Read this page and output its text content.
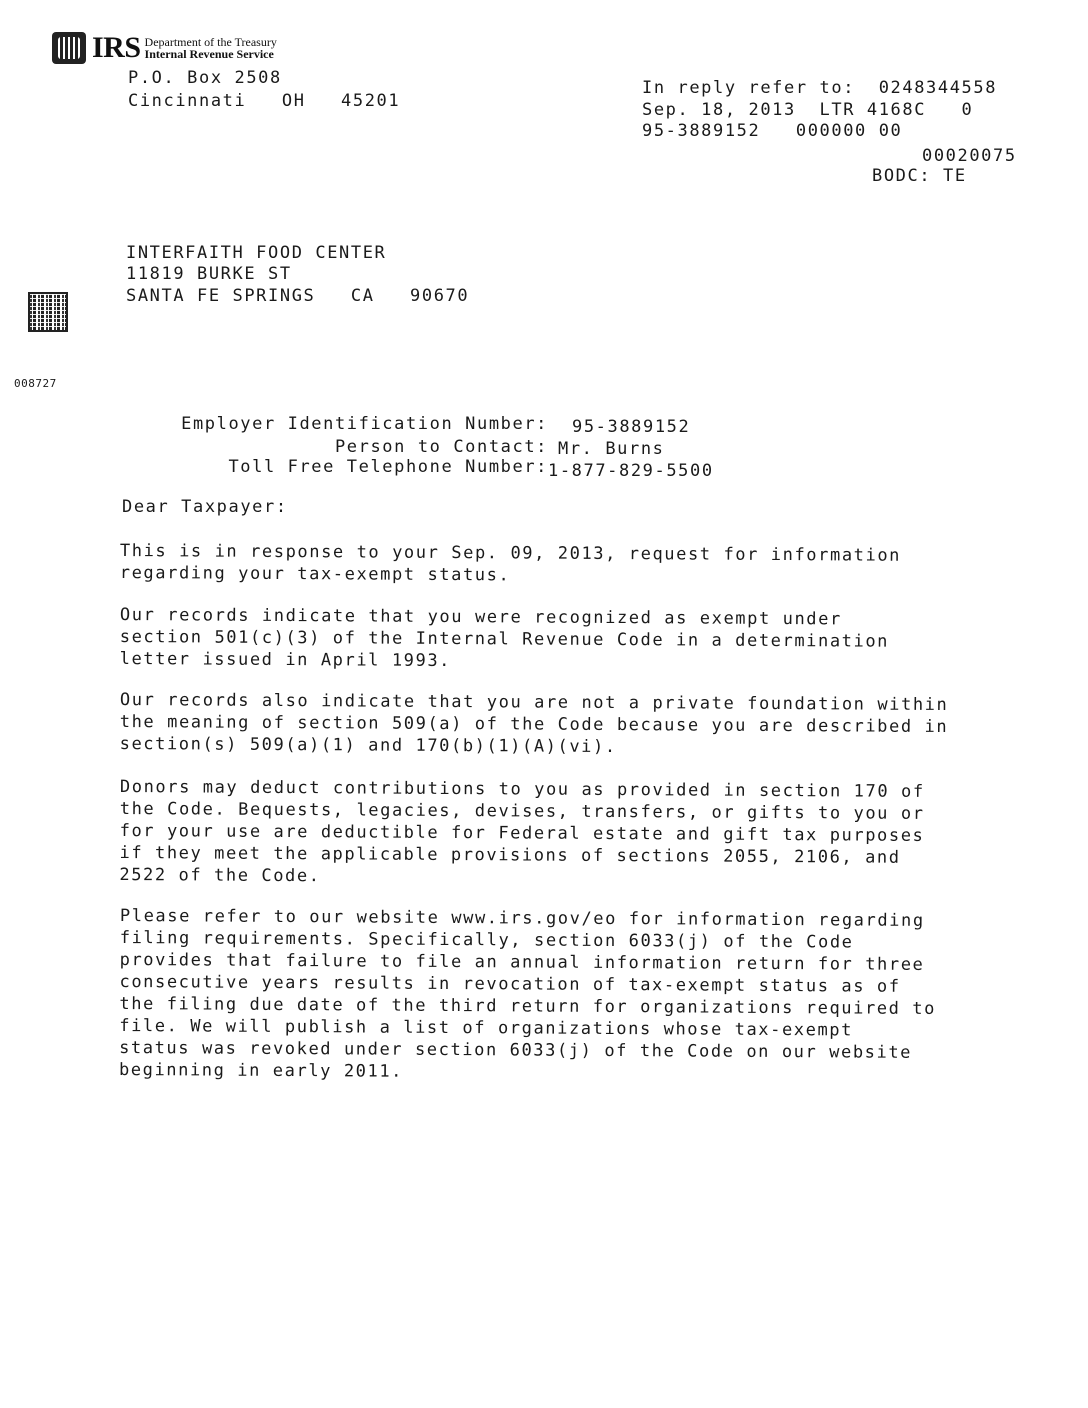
IRS Department of the Treasury
Internal Revenue Service
P.O. Box 2508
Cincinnati   OH   45201
In reply refer to:  0248344558
Sep. 18, 2013  LTR 4168C   0
95-3889152   000000 00
00020075
BODC: TE
INTERFAITH FOOD CENTER
11819 BURKE ST
SANTA FE SPRINGS   CA   90670
008727
Employer Identification Number: 95-3889152
Person to Contact: Mr. Burns
Toll Free Telephone Number: 1-877-829-5500
Dear Taxpayer:
This is in response to your Sep. 09, 2013, request for information
regarding your tax-exempt status.
Our records indicate that you were recognized as exempt under
section 501(c)(3) of the Internal Revenue Code in a determination
letter issued in April 1993.
Our records also indicate that you are not a private foundation within
the meaning of section 509(a) of the Code because you are described in
section(s) 509(a)(1) and 170(b)(1)(A)(vi).
Donors may deduct contributions to you as provided in section 170 of
the Code. Bequests, legacies, devises, transfers, or gifts to you or
for your use are deductible for Federal estate and gift tax purposes
if they meet the applicable provisions of sections 2055, 2106, and
2522 of the Code.
Please refer to our website www.irs.gov/eo for information regarding
filing requirements. Specifically, section 6033(j) of the Code
provides that failure to file an annual information return for three
consecutive years results in revocation of tax-exempt status as of
the filing due date of the third return for organizations required to
file. We will publish a list of organizations whose tax-exempt
status was revoked under section 6033(j) of the Code on our website
beginning in early 2011.
